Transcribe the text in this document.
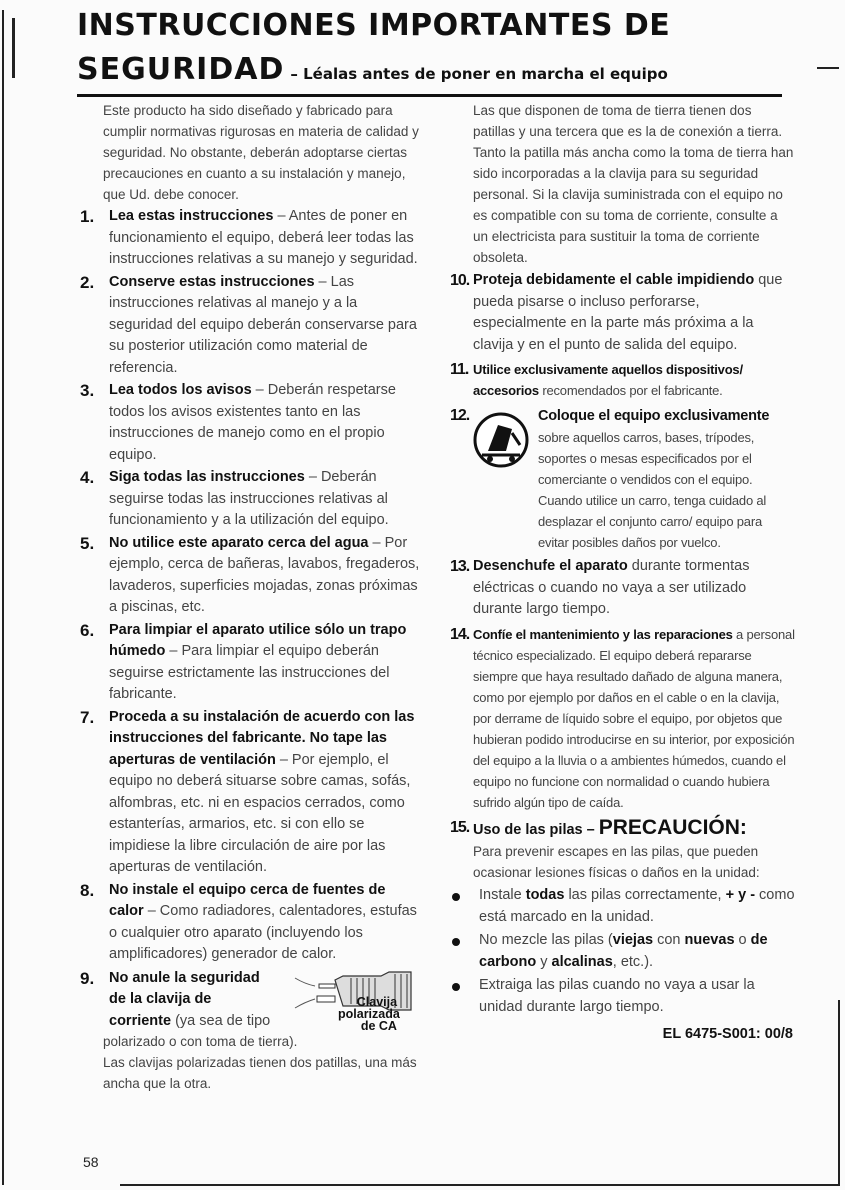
INSTRUCCIONES IMPORTANTES DE
SEGURIDAD – Léalas antes de poner en marcha el equipo

Este producto ha sido diseñado y fabricado para cumplir normativas rigurosas en materia de calidad y seguridad. No obstante, deberán adoptarse ciertas precauciones en cuanto a su instalación y manejo, que Ud. debe conocer.

1. Lea estas instrucciones – Antes de poner en funcionamiento el equipo, deberá leer todas las instrucciones relativas a su manejo y seguridad.
2. Conserve estas instrucciones – Las instrucciones relativas al manejo y a la seguridad del equipo deberán conservarse para su posterior utilización como material de referencia.
3. Lea todos los avisos – Deberán respetarse todos los avisos existentes tanto en las instrucciones de manejo como en el propio equipo.
4. Siga todas las instrucciones – Deberán seguirse todas las instrucciones relativas al funcionamiento y a la utilización del equipo.
5. No utilice este aparato cerca del agua – Por ejemplo, cerca de bañeras, lavabos, fregaderos, lavaderos, superficies mojadas, zonas próximas a piscinas, etc.
6. Para limpiar el aparato utilice sólo un trapo húmedo – Para limpiar el equipo deberán seguirse estrictamente las instrucciones del fabricante.
7. Proceda a su instalación de acuerdo con las instrucciones del fabricante. No tape las aperturas de ventilación – Por ejemplo, el equipo no deberá situarse sobre camas, sofás, alfombras, etc. ni en espacios cerrados, como estanterías, armarios, etc. si con ello se impidiese la libre circulación de aire por las aperturas de ventilación.
8. No instale el equipo cerca de fuentes de calor – Como radiadores, calentadores, estufas o cualquier otro aparato (incluyendo los amplificadores) generador de calor.
9. No anule la seguridad
de la clavija de
corriente (ya sea de tipo
Clavija
polarizada
de CA

polarizado o con toma de tierra).

Las clavijas polarizadas tienen dos patillas, una más ancha que la otra.

Las que disponen de toma de tierra tienen dos patillas y una tercera que es la de conexión a tierra. Tanto la patilla más ancha como la toma de tierra han sido incorporadas a la clavija para su seguridad personal. Si la clavija suministrada con el equipo no es compatible con su toma de corriente, consulte a un electricista para sustituir la toma de corriente obsoleta.

10. Proteja debidamente el cable impidiendo que pueda pisarse o incluso perforarse, especialmente en la parte más próxima a la clavija y en el punto de salida del equipo.
11. Utilice exclusivamente aquellos dispositivos/ accesorios recomendados por el fabricante.
12.	Coloque el equipo exclusivamente sobre aquellos carros, bases, trípodes, soportes o mesas especificados por el comerciante o vendidos con el equipo. Cuando utilice un carro, tenga cuidado al desplazar el conjunto carro/ equipo para evitar posibles daños por vuelco.
13. Desenchufe el aparato durante tormentas eléctricas o cuando no vaya a ser utilizado durante largo tiempo.
14. Confíe el mantenimiento y las reparaciones a personal técnico especializado. El equipo deberá repararse siempre que haya resultado dañado de alguna manera, como por ejemplo por daños en el cable o en la clavija, por derrame de líquido sobre el equipo, por objetos que hubieran podido introducirse en su interior, por exposición del equipo a la lluvia o a ambientes húmedos, cuando el equipo no funcione con normalidad o cuando hubiera sufrido algún tipo de caída.
15. Uso de las pilas – PRECAUCIÓN:

Para prevenir escapes en las pilas, que pueden ocasionar lesiones físicas o daños en la unidad:

Instale todas las pilas correctamente, + y - como está marcado en la unidad.
No mezcle las pilas (viejas con nuevas o de carbono y alcalinas, etc.).
Extraiga las pilas cuando no vaya a usar la unidad durante largo tiempo.
EL 6475-S001: 00/8
58
